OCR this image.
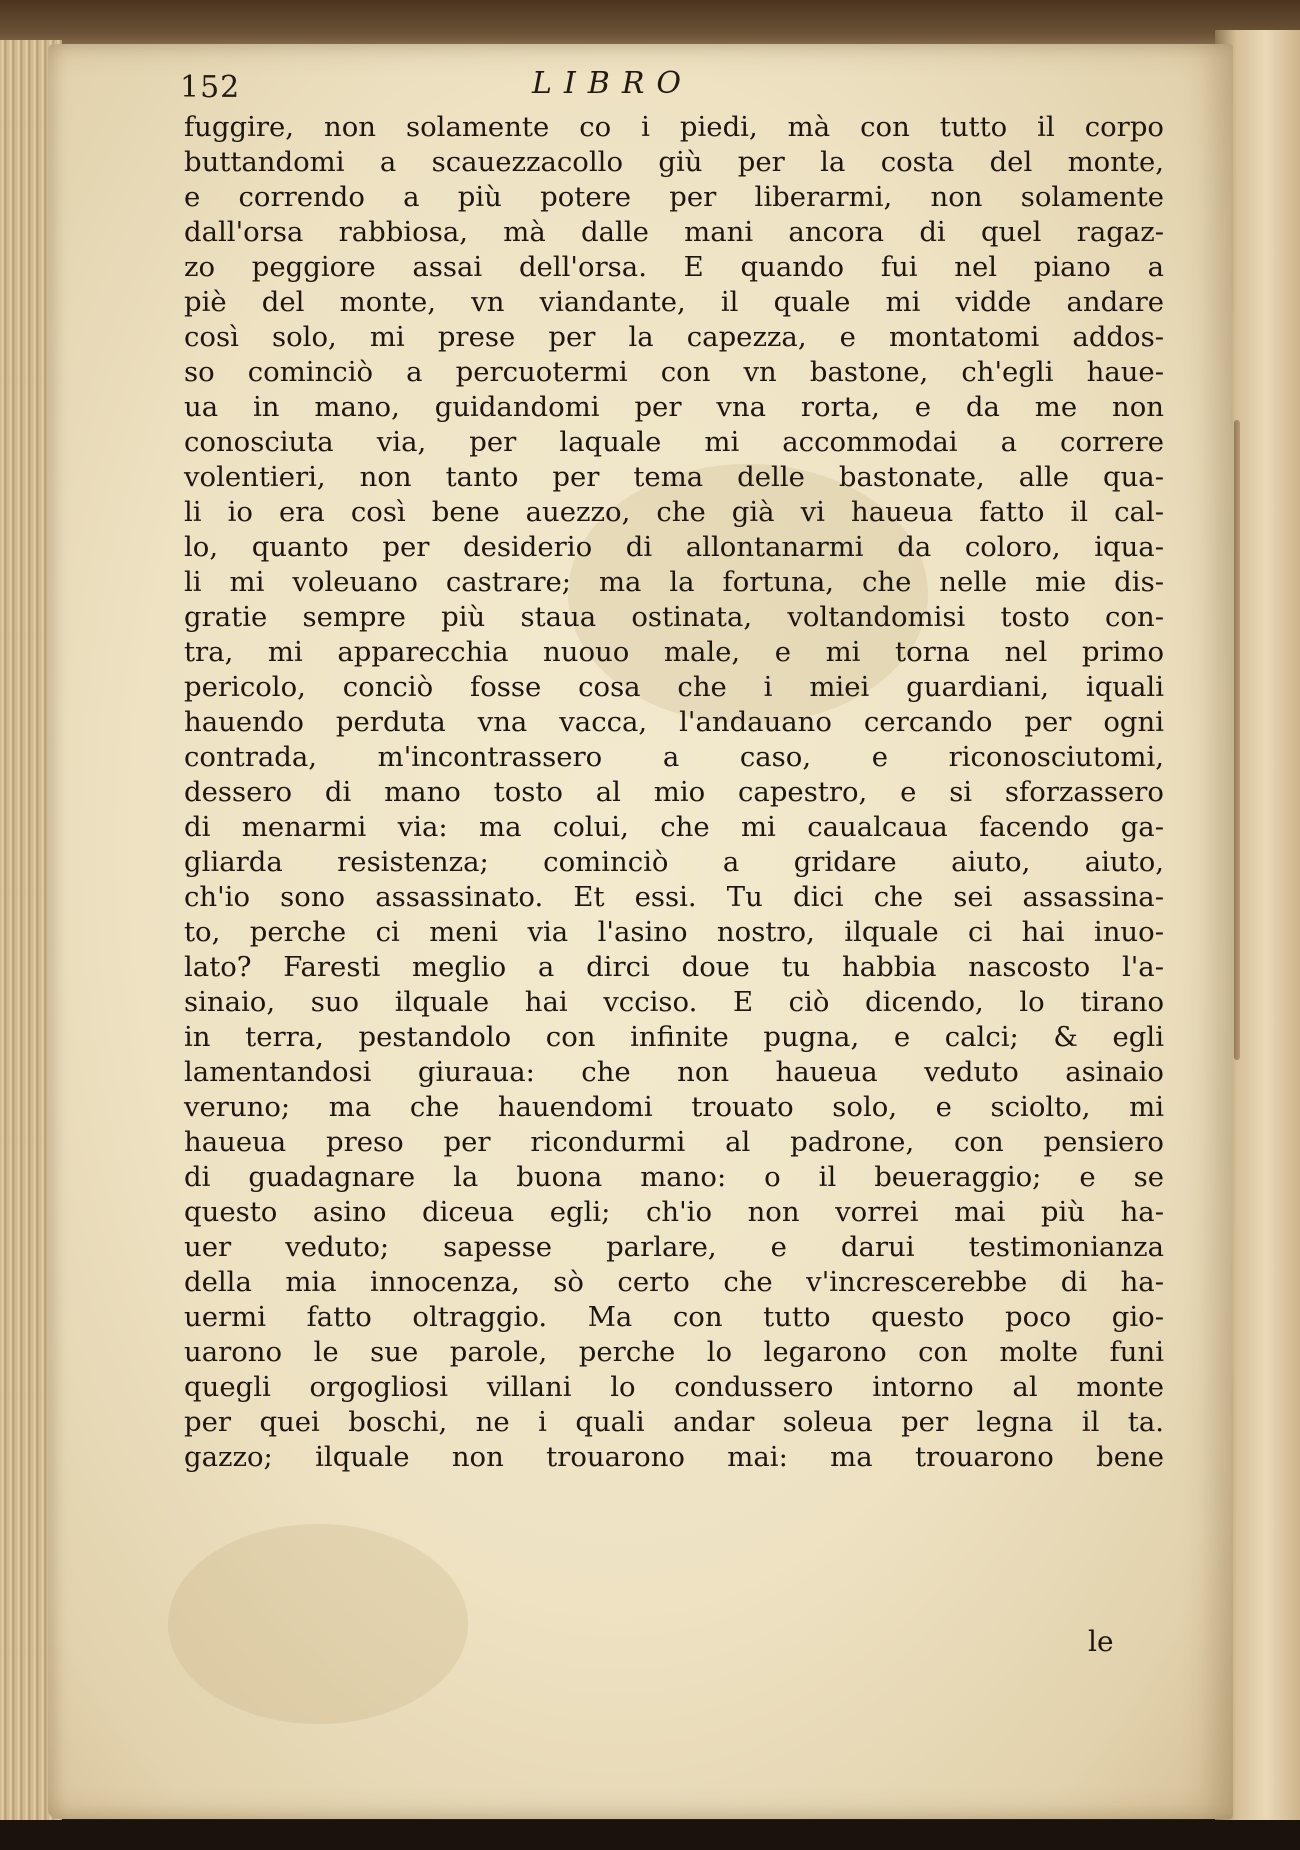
152	LIBRO
fuggire, non solamente co i piedi, mà con tutto il corpo
buttandomi a scauezzacollo giù per la costa del monte,
e correndo a più potere per liberarmi, non solamente
dall'orsa rabbiosa, mà dalle mani ancora di quel ragaz-
zo peggiore assai dell'orsa. E quando fui nel piano a
piè del monte, vn viandante, il quale mi vidde andare
così solo, mi prese per la capezza, e montatomi addos-
so cominciò a percuotermi con vn bastone, ch'egli haue-
ua in mano, guidandomi per vna rorta, e da me non
conosciuta via, per laquale mi accommodai a correre
volentieri, non tanto per tema delle bastonate, alle qua-
li io era così bene auezzo, che già vi haueua fatto il cal-
lo, quanto per desiderio di allontanarmi da coloro, iqua-
li mi voleuano castrare; ma la fortuna, che nelle mie dis-
gratie sempre più staua ostinata, voltandomisi tosto con-
tra, mi apparecchia nuouo male, e mi torna nel primo
pericolo, conciò fosse cosa che i miei guardiani, iquali
hauendo perduta vna vacca, l'andauano cercando per ogni
contrada, m'incontrassero a caso, e riconosciutomi,
dessero di mano tosto al mio capestro, e si sforzassero
di menarmi via: ma colui, che mi caualcaua facendo ga-
gliarda resistenza; cominciò a gridare aiuto, aiuto,
ch'io sono assassinato. Et essi. Tu dici che sei assassina-
to, perche ci meni via l'asino nostro, ilquale ci hai inuo-
lato? Faresti meglio a dirci doue tu habbia nascosto l'a-
sinaio, suo ilquale hai vcciso. E ciò dicendo, lo tirano
in terra, pestandolo con infinite pugna, e calci; & egli
lamentandosi giuraua: che non haueua veduto asinaio
veruno; ma che hauendomi trouato solo, e sciolto, mi
haueua preso per ricondurmi al padrone, con pensiero
di guadagnare la buona mano: o il beueraggio; e se
questo asino diceua egli; ch'io non vorrei mai più ha-
uer veduto; sapesse parlare, e darui testimonianza
della mia innocenza, sò certo che v'increscerebbe di ha-
uermi fatto oltraggio. Ma con tutto questo poco gio-
uarono le sue parole, perche lo legarono con molte funi
quegli orgogliosi villani lo condussero intorno al monte
per quei boschi, ne i quali andar soleua per legna il ta.
gazzo; ilquale non trouarono mai: ma trouarono bene
le
